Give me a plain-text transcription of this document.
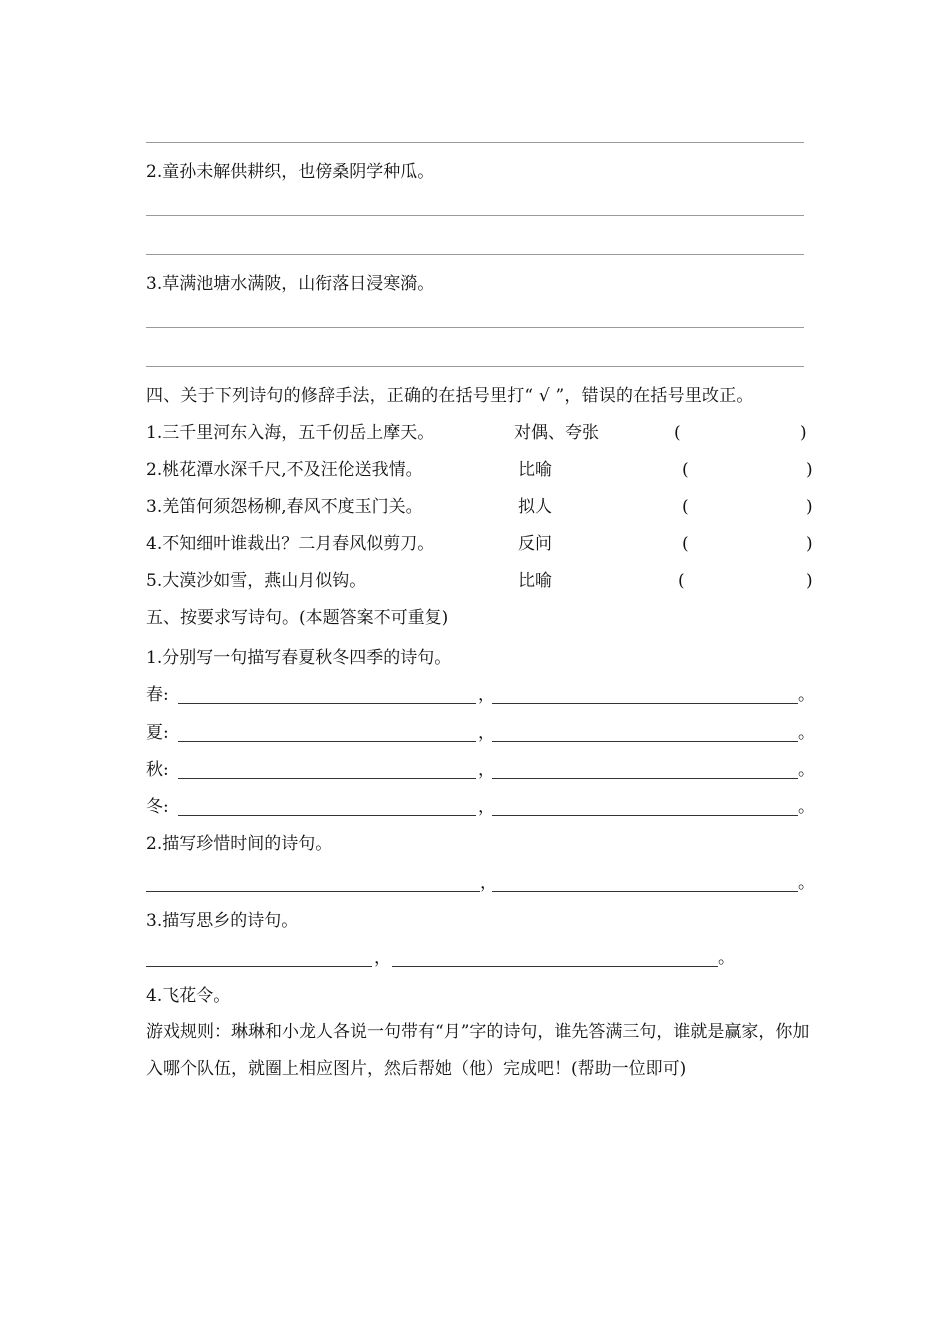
2.童孙未解供耕织，也傍桑阴学种瓜。
3.草满池塘水满陂，山衔落日浸寒漪。
四、关于下列诗句的修辞手法，正确的在括号里打“ √ ”，错误的在括号里改正。
1.三千里河东入海，五千仞岳上摩天。	对偶、夸张	(	)
2.桃花潭水深千尺,不及汪伦送我情。	比喻	(	)
3.羌笛何须怨杨柳,春风不度玉门关。	拟人	(	)
4.不知细叶谁裁出？二月春风似剪刀。	反问	(	)
5.大漠沙如雪，燕山月似钩。	比喻	(	)
五、按要求写诗句。(本题答案不可重复)
1.分别写一句描写春夏秋冬四季的诗句。
春:	，	。
夏:	，	。
秋:	，	。
冬:	，	。
2.描写珍惜时间的诗句。
，	。
3.描写思乡的诗句。
，	。
4.飞花令。
游戏规则：琳琳和小龙人各说一句带有“月”字的诗句，谁先答满三句，谁就是赢家，你加入哪个队伍，就圈上相应图片，然后帮她（他）完成吧！(帮助一位即可)
